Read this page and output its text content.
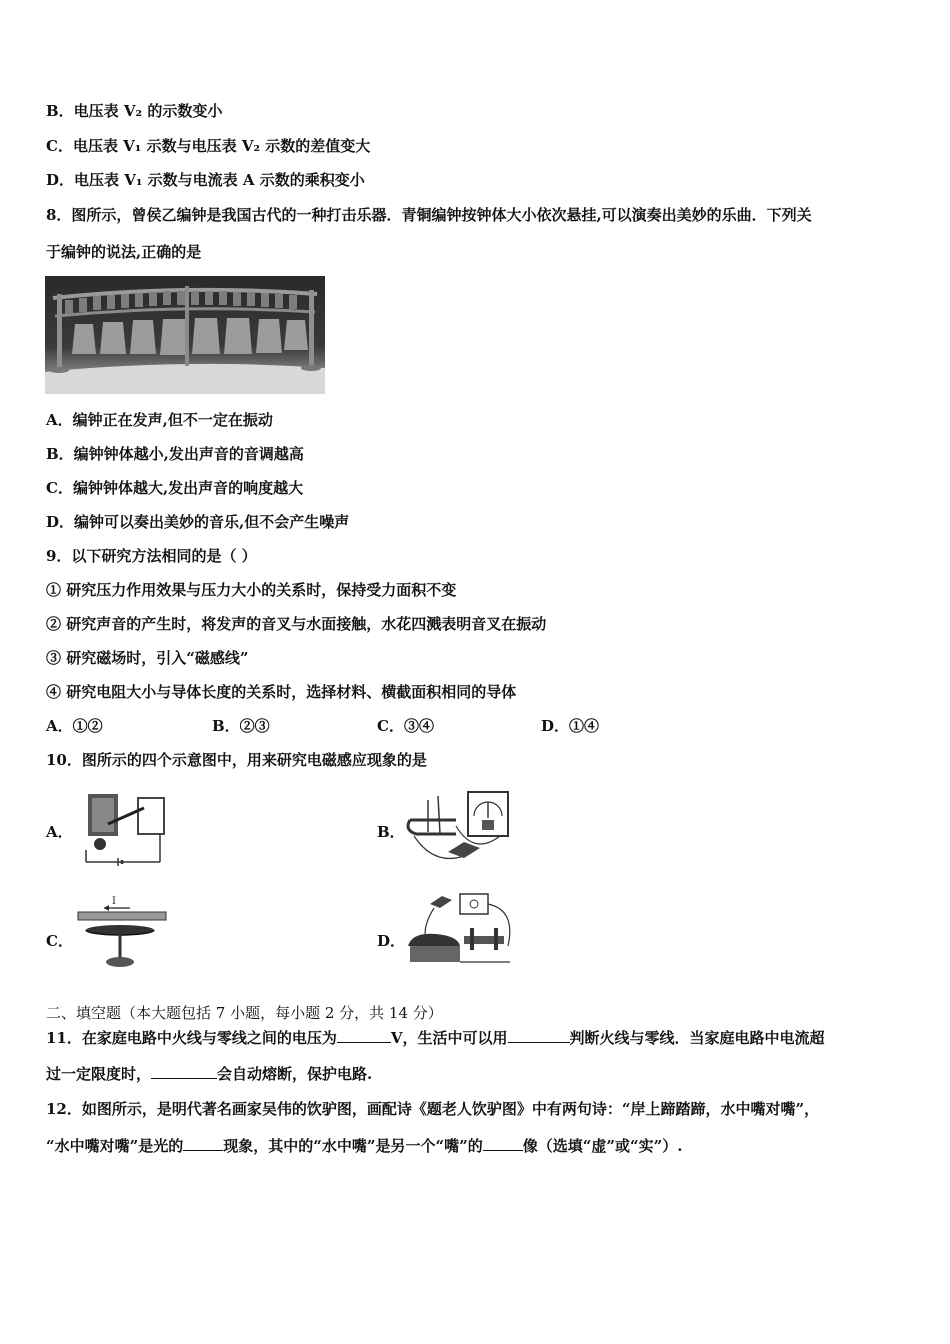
B．电压表 V₂ 的示数变小
C．电压表 V₁ 示数与电压表 V₂ 示数的差值变大
D．电压表 V₁ 示数与电流表 A 示数的乘积变小
8．图所示，曾侯乙编钟是我国古代的一种打击乐器．青铜编钟按钟体大小依次悬挂,可以演奏出美妙的乐曲．下列关
于编钟的说法,正确的是
A．编钟正在发声,但不一定在振动
B．编钟钟体越小,发出声音的音调越高
C．编钟钟体越大,发出声音的响度越大
D．编钟可以奏出美妙的音乐,但不会产生噪声
9．以下研究方法相同的是（ ）
① 研究压力作用效果与压力大小的关系时，保持受力面积不变
② 研究声音的产生时，将发声的音叉与水面接触，水花四溅表明音叉在振动
③ 研究磁场时，引入“磁感线”
④ 研究电阻大小与导体长度的关系时，选择材料、横截面积相同的导体
A．①②	B．②③	C．③④	D．①④
10．图所示的四个示意图中，用来研究电磁感应现象的是
A．	B．
C．
I
D．
二、填空题（本大题包括 7 小题，每小题 2 分，共 14 分）
11．在家庭电路中火线与零线之间的电压为	V，生活中可以用	判断火线与零线．当家庭电路中电流超
过一定限度时，	会自动熔断，保护电路.
12．如图所示，是明代著名画家吴伟的饮驴图，画配诗《题老人饮驴图》中有两句诗：“岸上蹄踏蹄，水中嘴对嘴”，
“水中嘴对嘴”是光的	现象，其中的“水中嘴”是另一个“嘴”的	像（选填“虚”或“实”）.
